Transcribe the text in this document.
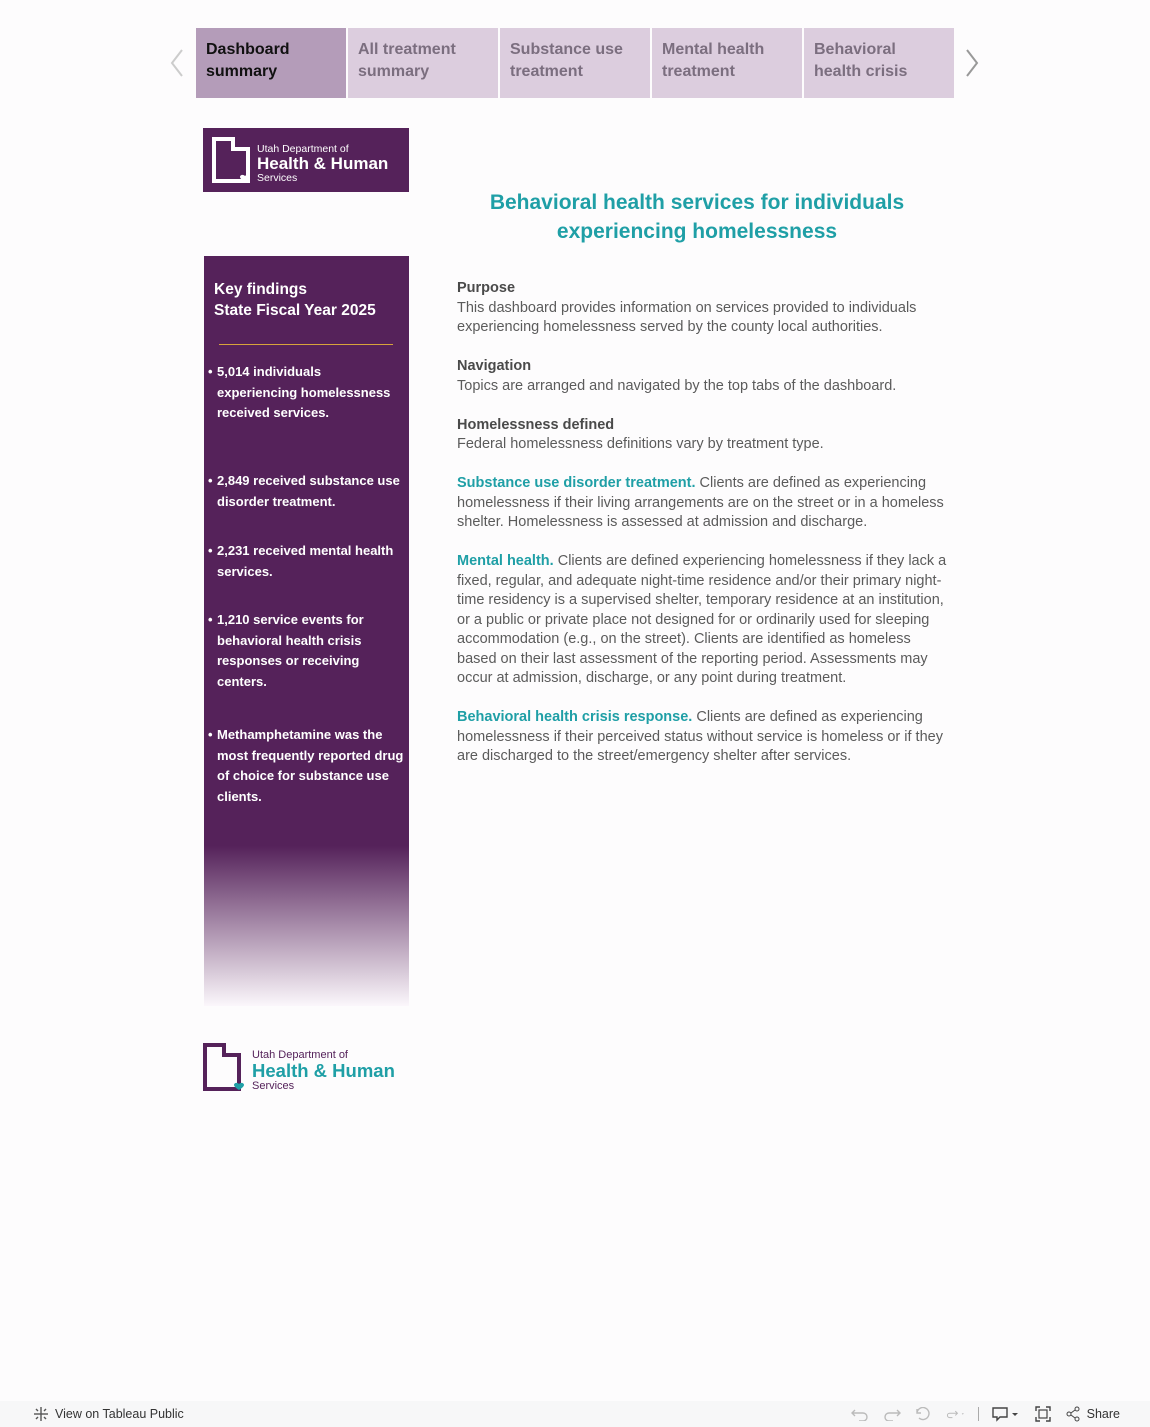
Dashboard summary
All treatment summary
Substance use treatment
Mental health treatment
Behavioral health crisis
Utah Department of
Health & Human
Services
Behavioral health services for individuals experiencing homelessness
Key findings
State Fiscal Year 2025
• 5,014 individuals experiencing homelessness received services.
• 2,849 received substance use disorder treatment.
• 2,231 received mental health services.
• 1,210 service events for behavioral health crisis responses or receiving centers.
• Methamphetamine was the most frequently reported drug of choice for substance use clients.
Purpose

This dashboard provides information on services provided to individuals experiencing homelessness served by the county local authorities.

Navigation

Topics are arranged and navigated by the top tabs of the dashboard.

Homelessness defined

Federal homelessness definitions vary by treatment type.

Substance use disorder treatment. Clients are defined as experiencing homelessness if their living arrangements are on the street or in a homeless shelter. Homelessness is assessed at admission and discharge.

Mental health. Clients are defined experiencing homelessness if they lack a fixed, regular, and adequate night-time residence and/or their primary night-time residency is a supervised shelter, temporary residence at an institution, or a public or private place not designed for or ordinarily used for sleeping accommodation (e.g., on the street). Clients are identified as homeless based on their last assessment of the reporting period. Assessments may occur at admission, discharge, or any point during treatment.

Behavioral health crisis response. Clients are defined as experiencing homelessness if their perceived status without service is homeless or if they are discharged to the street/emergency shelter after services.

Utah Department of
Health & Human
Services
View on Tableau Public	Share
